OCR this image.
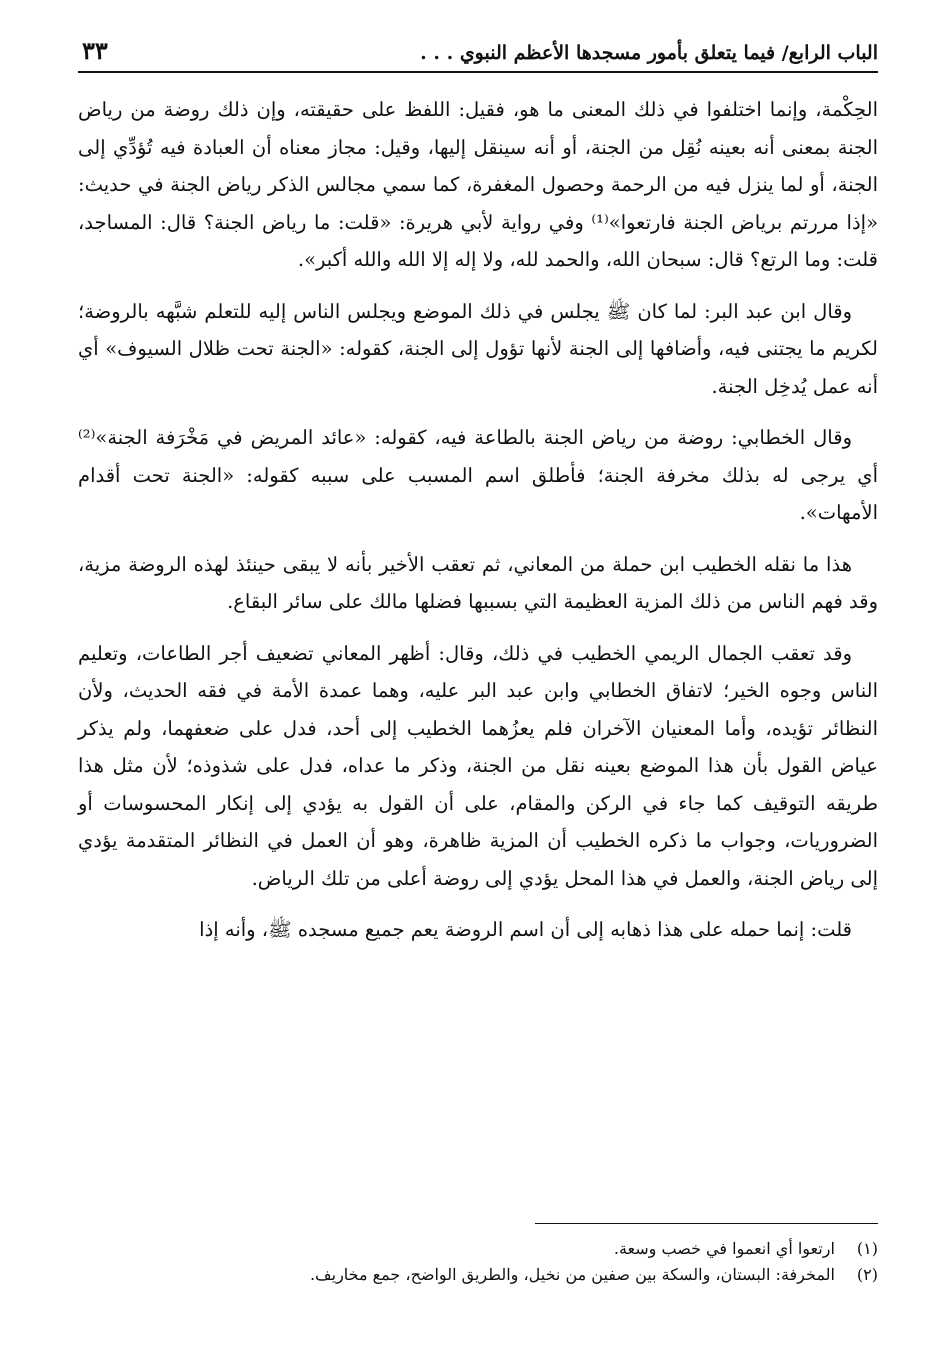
الباب الرابع/ فيما يتعلق بأمور مسجدها الأعظم النبوي . . .
٣٣

الحِكْمة، وإنما اختلفوا في ذلك المعنى ما هو، فقيل: اللفظ على حقيقته، وإن ذلك روضة من رياض الجنة بمعنى أنه بعينه نُقِل من الجنة، أو أنه سينقل إليها، وقيل: مجاز معناه أن العبادة فيه تُؤدِّي إلى الجنة، أو لما ينزل فيه من الرحمة وحصول المغفرة، كما سمي مجالس الذكر رياض الجنة في حديث: «إذا مررتم برياض الجنة فارتعوا»⁽¹⁾ وفي رواية لأبي هريرة: «قلت: ما رياض الجنة؟ قال: المساجد، قلت: وما الرتع؟ قال: سبحان الله، والحمد لله، ولا إله إلا الله والله أكبر».

وقال ابن عبد البر: لما كان ﷺ يجلس في ذلك الموضع ويجلس الناس إليه للتعلم شبَّهه بالروضة؛ لكريم ما يجتنى فيه، وأضافها إلى الجنة لأنها تؤول إلى الجنة، كقوله: «الجنة تحت ظلال السيوف» أي أنه عمل يُدخِل الجنة.

وقال الخطابي: روضة من رياض الجنة بالطاعة فيه، كقوله: «عائد المريض في مَخْرَفة الجنة»⁽²⁾ أي يرجى له بذلك مخرفة الجنة؛ فأطلق اسم المسبب على سببه كقوله: «الجنة تحت أقدام الأمهات».

هذا ما نقله الخطيب ابن حملة من المعاني، ثم تعقب الأخير بأنه لا يبقى حينئذ لهذه الروضة مزية، وقد فهم الناس من ذلك المزية العظيمة التي بسببها فضلها مالك على سائر البقاع.

وقد تعقب الجمال الريمي الخطيب في ذلك، وقال: أظهر المعاني تضعيف أجر الطاعات، وتعليم الناس وجوه الخير؛ لاتفاق الخطابي وابن عبد البر عليه، وهما عمدة الأمة في فقه الحديث، ولأن النظائر تؤيده، وأما المعنيان الآخران فلم يعزُهما الخطيب إلى أحد، فدل على ضعفهما، ولم يذكر عياض القول بأن هذا الموضع بعينه نقل من الجنة، وذكر ما عداه، فدل على شذوذه؛ لأن مثل هذا طريقه التوقيف كما جاء في الركن والمقام، على أن القول به يؤدي إلى إنكار المحسوسات أو الضروريات، وجواب ما ذكره الخطيب أن المزية ظاهرة، وهو أن العمل في النظائر المتقدمة يؤدي إلى رياض الجنة، والعمل في هذا المحل يؤدي إلى روضة أعلى من تلك الرياض.

قلت: إنما حمله على هذا ذهابه إلى أن اسم الروضة يعم جميع مسجده ﷺ، وأنه إذا

(١) ارتعوا أي انعموا في خصب وسعة.

(٢) المخرفة: البستان، والسكة بين صفين من نخيل، والطريق الواضح، جمع مخاريف.
